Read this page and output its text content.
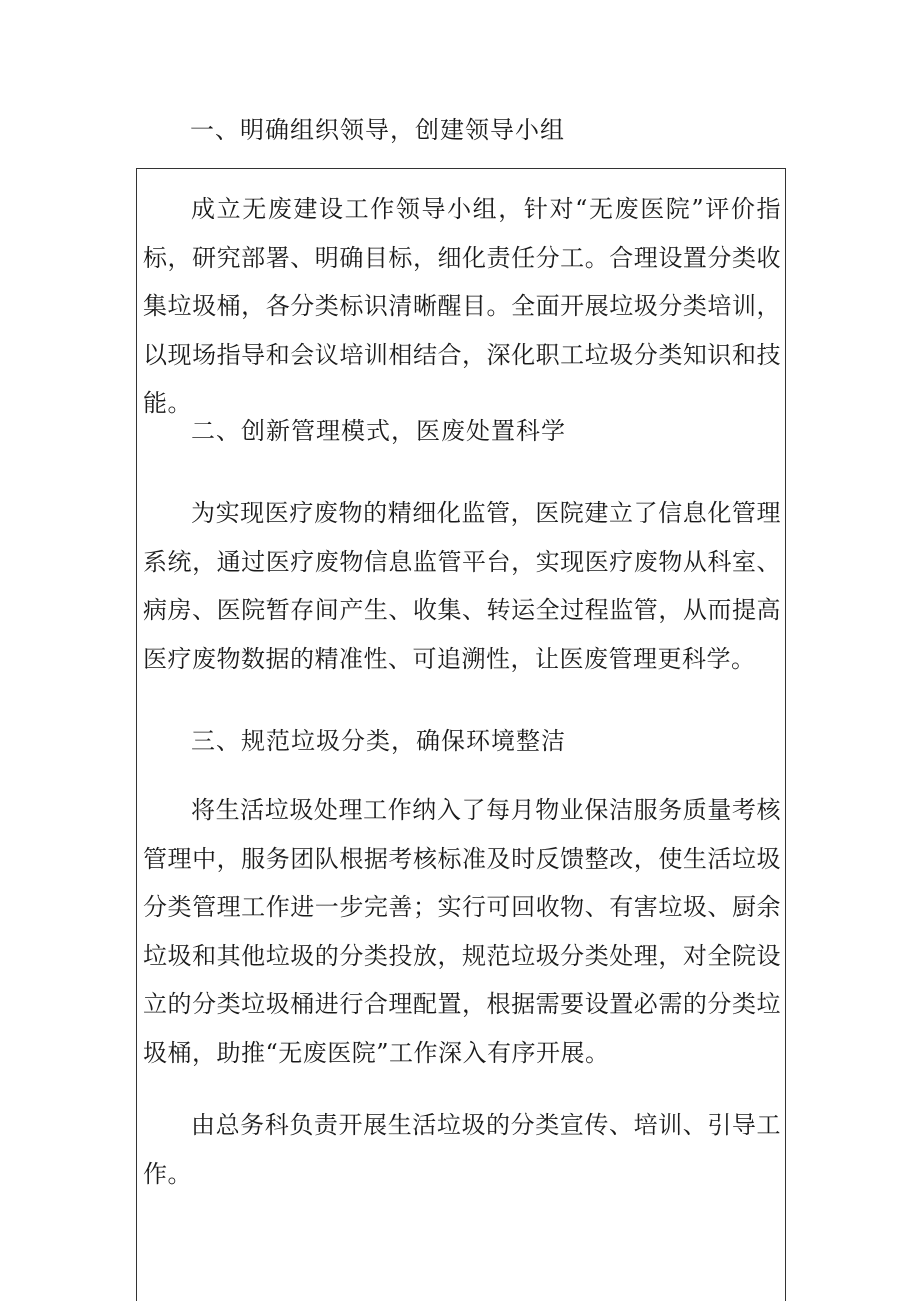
一、明确组织领导，创建领导小组

成立无废建设工作领导小组，针对“无废医院”评价指标，研究部署、明确目标，细化责任分工。合理设置分类收集垃圾桶，各分类标识清晰醒目。全面开展垃圾分类培训，以现场指导和会议培训相结合，深化职工垃圾分类知识和技能。

二、创新管理模式，医废处置科学

为实现医疗废物的精细化监管，医院建立了信息化管理系统，通过医疗废物信息监管平台，实现医疗废物从科室、病房、医院暂存间产生、收集、转运全过程监管，从而提高医疗废物数据的精准性、可追溯性，让医废管理更科学。

三、规范垃圾分类，确保环境整洁

将生活垃圾处理工作纳入了每月物业保洁服务质量考核管理中，服务团队根据考核标准及时反馈整改，使生活垃圾分类管理工作进一步完善；实行可回收物、有害垃圾、厨余垃圾和其他垃圾的分类投放，规范垃圾分类处理，对全院设立的分类垃圾桶进行合理配置，根据需要设置必需的分类垃圾桶，助推“无废医院”工作深入有序开展。

由总务科负责开展生活垃圾的分类宣传、培训、引导工作。
